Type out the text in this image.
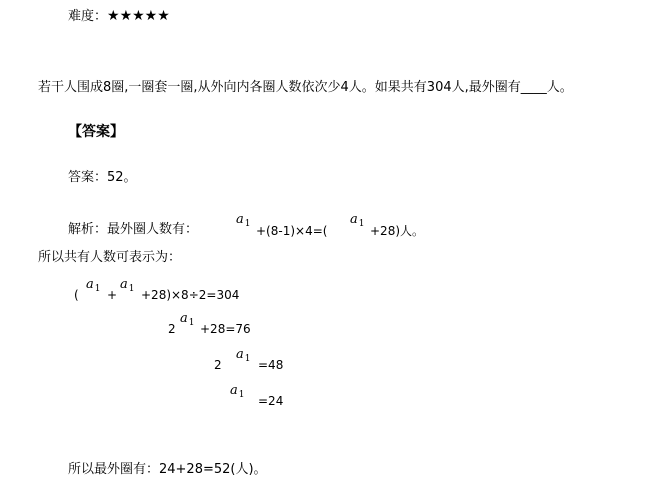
难度：★★★★★
若干人围成8圈,一圈套一圈,从外向内各圈人数依次少4人。如果共有304人,最外圈有____人。
【答案】
答案：52。
解析：最外圈人数有：
$a_1 +(8-1)\times 4=$(
$a_1 +28$)人。
所以共有人数可表示为：
(
$a_1$ +
$a_1 +28)\times 8\div 2=304$
2
$a_1 +28=76$
2
$a_1 =48$
$a_1$	=24
所以最外圈有：24+28=52(人)。
